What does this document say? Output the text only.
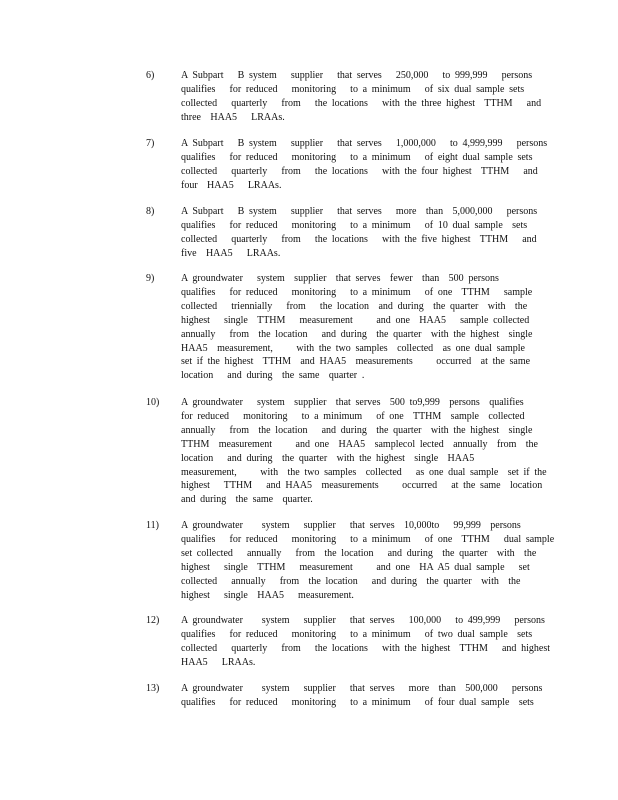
6)	A Subpart   B system   supplier   that serves   250,000   to 999,999   persons
qualifies   for reduced   monitoring   to a minimum   of six dual sample sets
collected   quarterly   from   the locations   with the three highest  TTHM   and
three  HAA5   LRAAs.
7)	A Subpart   B system   supplier   that serves   1,000,000   to 4,999,999   persons
qualifies   for reduced   monitoring   to a minimum   of eight dual sample sets
collected   quarterly   from   the locations   with the four highest  TTHM   and
four  HAA5   LRAAs.
8)	A Subpart   B system   supplier   that serves   more  than  5,000,000   persons
qualifies   for reduced   monitoring   to a minimum   of 10 dual sample  sets
collected   quarterly   from   the locations   with the five highest  TTHM   and
five  HAA5   LRAAs.
9)	A groundwater   system  supplier  that serves  fewer  than  500 persons
qualifies   for reduced   monitoring   to a minimum   of one  TTHM   sample
collected   triennially   from   the location  and during  the quarter  with  the
highest   single  TTHM   measurement     and one  HAA5   sample collected
annually   from  the location   and during  the quarter  with the highest  single
HAA5  measurement,     with the two samples  collected  as one dual sample
set if the highest  TTHM  and HAA5  measurements     occurred  at the same
location   and during  the same  quarter .
10) A groundwater   system  supplier  that serves  500 to9,999  persons  qualifies
for reduced   monitoring   to a minimum   of one  TTHM  sample  collected
annually   from  the location   and during  the quarter  with the highest  single
TTHM  measurement     and one  HAA5  samplecol lected  annually  from  the
location   and during  the quarter  with the highest  single  HAA5
measurement,     with  the two samples  collected   as one dual sample  set if the
highest   TTHM   and HAA5  measurements     occurred   at the same  location
and during  the same  quarter.
11) A groundwater    system   supplier   that serves  10,000to   99,999  persons
qualifies   for reduced   monitoring   to a minimum   of one  TTHM   dual sample
set collected   annually   from  the location   and during  the quarter  with  the
highest   single  TTHM   measurement     and one  HA A5 dual sample   set
collected   annually   from  the location   and during  the quarter  with  the
highest   single  HAA5   measurement.
12) A groundwater    system   supplier   that serves   100,000   to 499,999   persons
qualifies   for reduced   monitoring   to a minimum   of two dual sample  sets
collected   quarterly   from   the locations   with the highest  TTHM   and highest
HAA5   LRAAs.
13) A groundwater    system   supplier   that serves   more  than  500,000   persons
qualifies   for reduced   monitoring   to a minimum   of four dual sample  sets
